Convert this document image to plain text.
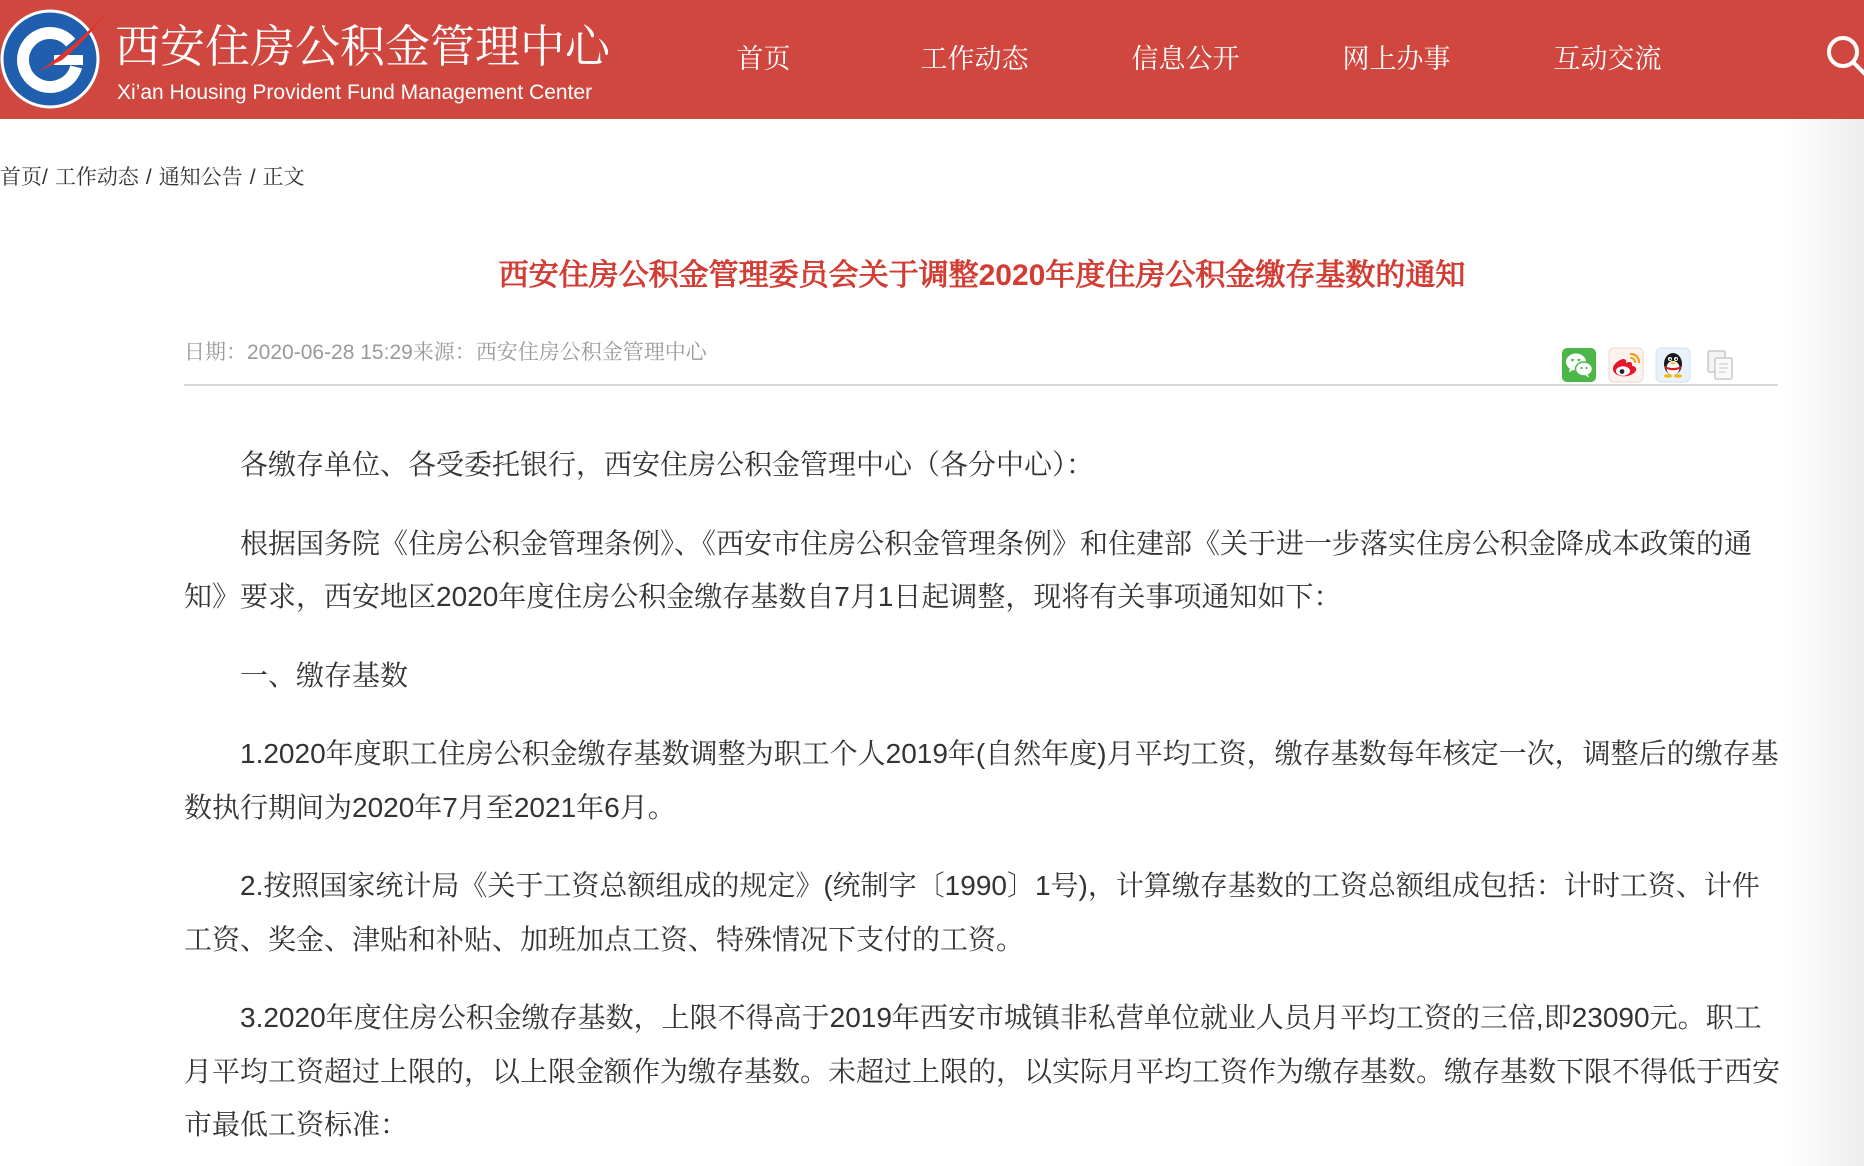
西安住房公积金管理中心
Xi’an Housing Provident Fund Management Center
首页	工作动态	信息公开	网上办事	互动交流
首页/ 工作动态 / 通知公告 / 正文
西安住房公积金管理委员会关于调整2020年度住房公积金缴存基数的通知
日期：2020-06-28 15:29来源：西安住房公积金管理中心

各缴存单位、各受委托银行，西安住房公积金管理中心（各分中心）：

根据国务院《住房公积金管理条例》、《西安市住房公积金管理条例》和住建部《关于进一步落实住房公积金降成本政策的通
知》要求，西安地区2020年度住房公积金缴存基数自7月1日起调整，现将有关事项通知如下：

一、缴存基数

1.2020年度职工住房公积金缴存基数调整为职工个人2019年(自然年度)月平均工资，缴存基数每年核定一次，调整后的缴存基
数执行期间为2020年7月至2021年6月。

2.按照国家统计局《关于工资总额组成的规定》(统制字〔1990〕1号)，计算缴存基数的工资总额组成包括：计时工资、计件
工资、奖金、津贴和补贴、加班加点工资、特殊情况下支付的工资。

3.2020年度住房公积金缴存基数，上限不得高于2019年西安市城镇非私营单位就业人员月平均工资的三倍,即23090元。职工
月平均工资超过上限的，以上限金额作为缴存基数。未超过上限的，以实际月平均工资作为缴存基数。缴存基数下限不得低于西安
市最低工资标准：
